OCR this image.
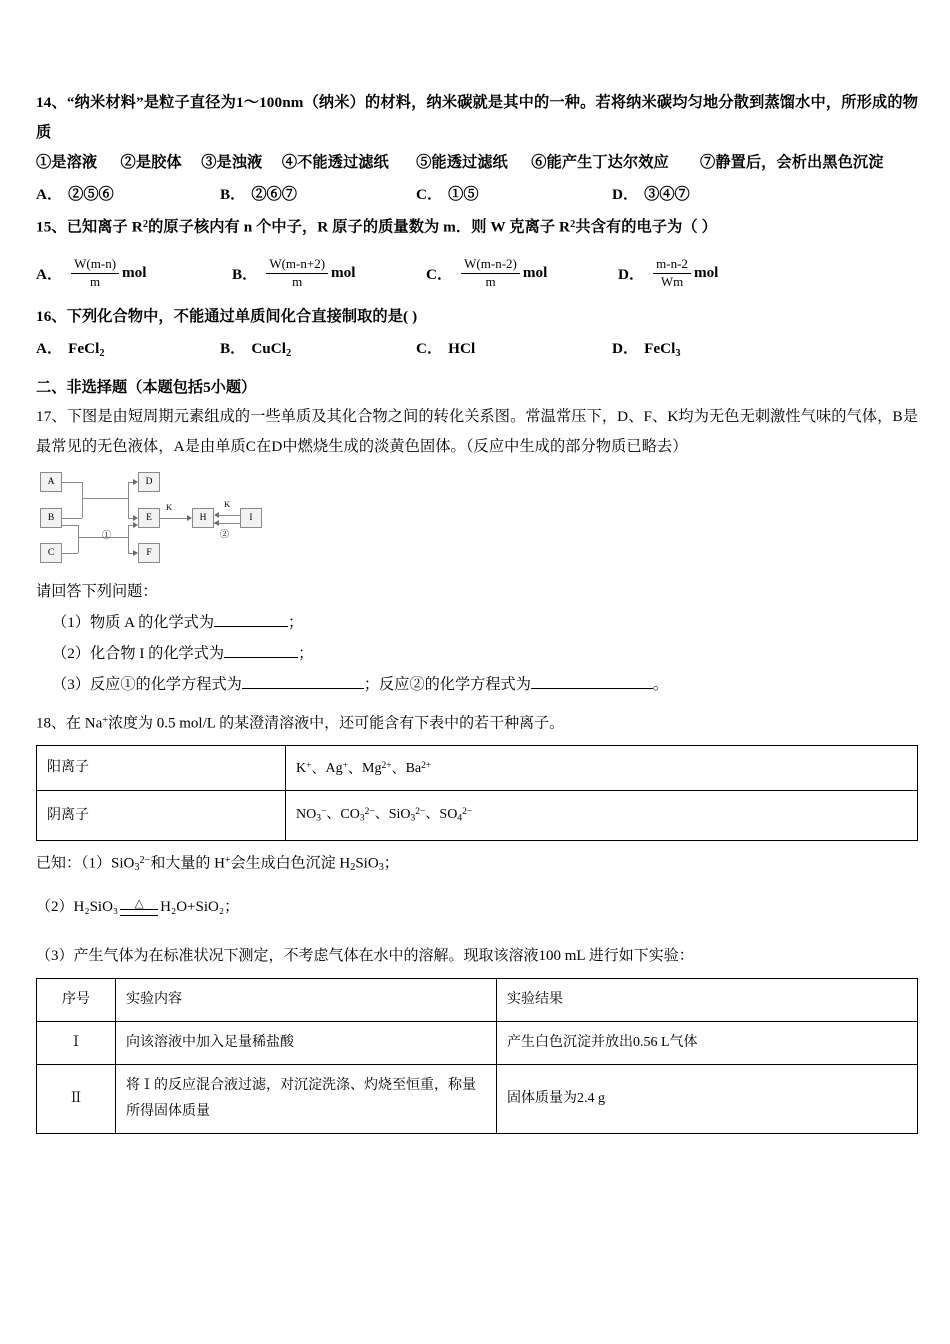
14、“纳米材料”是粒子直径为1～100nm（纳米）的材料，纳米碳就是其中的一种。若将纳米碳均匀地分散到蒸馏水中，所形成的物质
①是溶液 ②是胶体 ③是浊液 ④不能透过滤纸 ⑤能透过滤纸 ⑥能产生丁达尔效应 ⑦静置后，会析出黑色沉淀
A． ②⑤⑥	B． ②⑥⑦	C． ①⑤	D． ③④⑦
15、已知离子 $R^2$的原子核内有 n 个中子，R 原子的质量数为 m．则 W 克离子 $R^2$共含有的电子为（ ）
A． $\frac{W(m-n)}{m}$ mol	B． $\frac{W(m-n+2)}{m}$ mol	C． $\frac{W(m-n-2)}{m}$ mol	D． $\frac{m-n-2}{Wm}$ mol
16、下列化合物中，不能通过单质间化合直接制取的是( )
A． FeCl$_2$	B． CuCl$_2$	C． HCl	D． FeCl$_3$
二、非选择题（本题包括5小题）
17、下图是由短周期元素组成的一些单质及其化合物之间的转化关系图。常温常压下，D、F、K均为无色无刺激性气味的气体，B是最常见的无色液体，A是由单质C在D中燃烧生成的淡黄色固体。（反应中生成的部分物质已略去）
A
B
C
D
E
F
H	I
①
K	K
②
请回答下列问题：
（1）物质 A 的化学式为	；
（2）化合物 I 的化学式为	；
（3）反应①的化学方程式为	；反应②的化学方程式为	。
18、在 Na+浓度为 0.5 mol/L 的某澄清溶液中，还可能含有下表中的若干种离子。
阳离子	K+、Ag+、$Mg^{2+}$、$Ba^{2+}$
阴离子	$NO_3^-$、$CO_3^{2-}$、SiO$_3^{2-}$、$SO_4^{2-}$
已知：（1）SiO$_3^{2-}$和大量的 H+会生成白色沉淀 $H_2SiO_3$；
（2）H₂SiO₃ △ H₂O+SiO₂；
（3）产生气体为在标准状况下测定，不考虑气体在水中的溶解。现取该溶液100 mL 进行如下实验：
序号	实验内容	实验结果
Ⅰ	向该溶液中加入足量稀盐酸	产生白色沉淀并放出0.56 L气体
Ⅱ	将Ⅰ的反应混合液过滤，对沉淀洗涤、灼烧至恒重，称量所得固体质量	固体质量为2.4 g
